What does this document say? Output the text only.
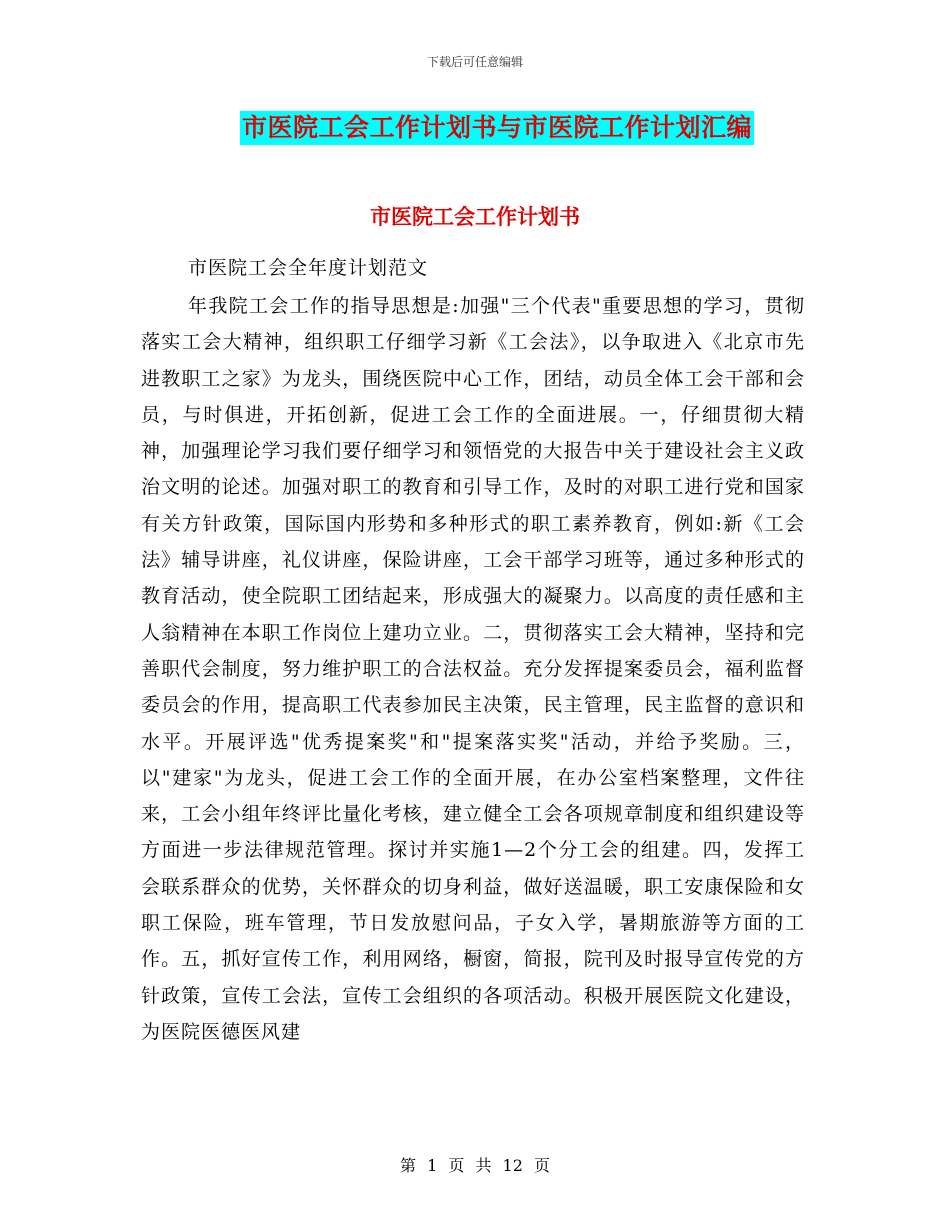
下载后可任意编辑
市医院工会工作计划书与市医院工作计划汇编
市医院工会工作计划书
市医院工会全年度计划范文

年我院工会工作的指导思想是:加强"三个代表"重要思想的学习，贯彻落实工会大精神，组织职工仔细学习新《工会法》，以争取进入《北京市先进教职工之家》为龙头，围绕医院中心工作，团结，动员全体工会干部和会员，与时俱进，开拓创新，促进工会工作的全面进展。一，仔细贯彻大精神，加强理论学习我们要仔细学习和领悟党的大报告中关于建设社会主义政治文明的论述。加强对职工的教育和引导工作，及时的对职工进行党和国家有关方针政策，国际国内形势和多种形式的职工素养教育，例如:新《工会法》辅导讲座，礼仪讲座，保险讲座，工会干部学习班等，通过多种形式的教育活动，使全院职工团结起来，形成强大的凝聚力。以高度的责任感和主人翁精神在本职工作岗位上建功立业。二，贯彻落实工会大精神，坚持和完善职代会制度，努力维护职工的合法权益。充分发挥提案委员会，福利监督委员会的作用，提高职工代表参加民主决策，民主管理，民主监督的意识和水平。开展评选"优秀提案奖"和"提案落实奖"活动，并给予奖励。三，以"建家"为龙头，促进工会工作的全面开展，在办公室档案整理，文件往来，工会小组年终评比量化考核，建立健全工会各项规章制度和组织建设等方面进一步法律规范管理。探讨并实施1—2个分工会的组建。四，发挥工会联系群众的优势，关怀群众的切身利益，做好送温暖，职工安康保险和女职工保险，班车管理，节日发放慰问品，子女入学，暑期旅游等方面的工作。五，抓好宣传工作，利用网络，橱窗，简报，院刊及时报导宣传党的方针政策，宣传工会法，宣传工会组织的各项活动。积极开展医院文化建设，为医院医德医风建

第 1 页 共 12 页
